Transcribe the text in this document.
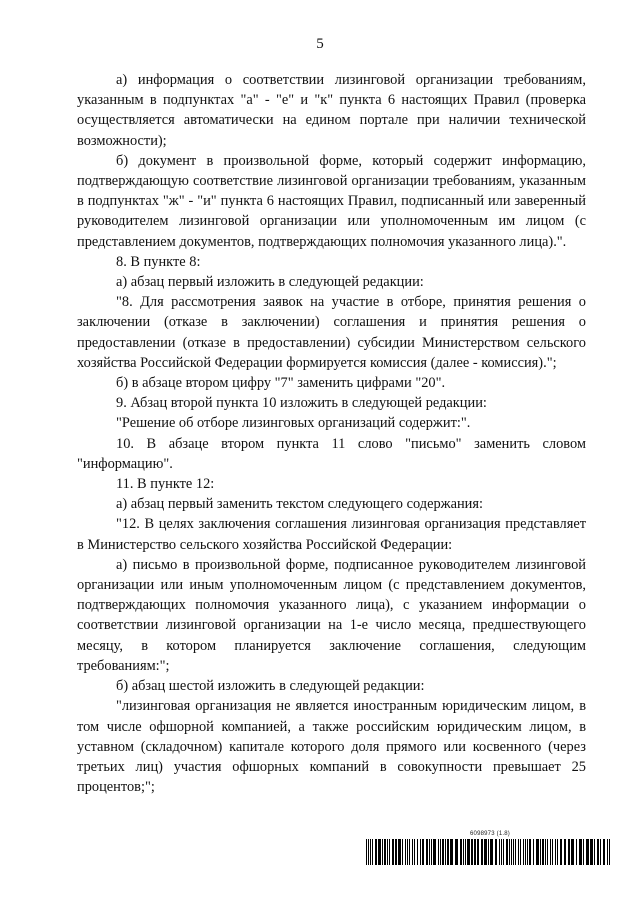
5

а) информация о соответствии лизинговой организации требованиям, указанным в подпунктах "а" - "е" и "к" пункта 6 настоящих Правил (проверка осуществляется автоматически на едином портале при наличии технической возможности);

б) документ в произвольной форме, который содержит информацию, подтверждающую соответствие лизинговой организации требованиям, указанным в подпунктах "ж" - "и" пункта 6 настоящих Правил, подписанный или заверенный руководителем лизинговой организации или уполномоченным им лицом (с представлением документов, подтверждающих полномочия указанного лица).".

8. В пункте 8:

а) абзац первый изложить в следующей редакции:

"8. Для рассмотрения заявок на участие в отборе, принятия решения о заключении (отказе в заключении) соглашения и принятия решения о предоставлении (отказе в предоставлении) субсидии Министерством сельского хозяйства Российской Федерации формируется комиссия (далее - комиссия).";

б) в абзаце втором цифру "7" заменить цифрами "20".

9. Абзац второй пункта 10 изложить в следующей редакции:

"Решение об отборе лизинговых организаций содержит:".

10. В абзаце втором пункта 11 слово "письмо" заменить словом "информацию".

11. В пункте 12:

а) абзац первый заменить текстом следующего содержания:

"12. В целях заключения соглашения лизинговая организация представляет в Министерство сельского хозяйства Российской Федерации:

а) письмо в произвольной форме, подписанное руководителем лизинговой организации или иным уполномоченным лицом (с представлением документов, подтверждающих полномочия указанного лица), с указанием информации о соответствии лизинговой организации на 1-е число месяца, предшествующего месяцу, в котором планируется заключение соглашения, следующим требованиям:";

б) абзац шестой изложить в следующей редакции:

"лизинговая организация не является иностранным юридическим лицом, в том числе офшорной компанией, а также российским юридическим лицом, в уставном (складочном) капитале которого доля прямого или косвенного (через третьих лиц) участия офшорных компаний в совокупности превышает 25 процентов;";

6098973 (1.8)
